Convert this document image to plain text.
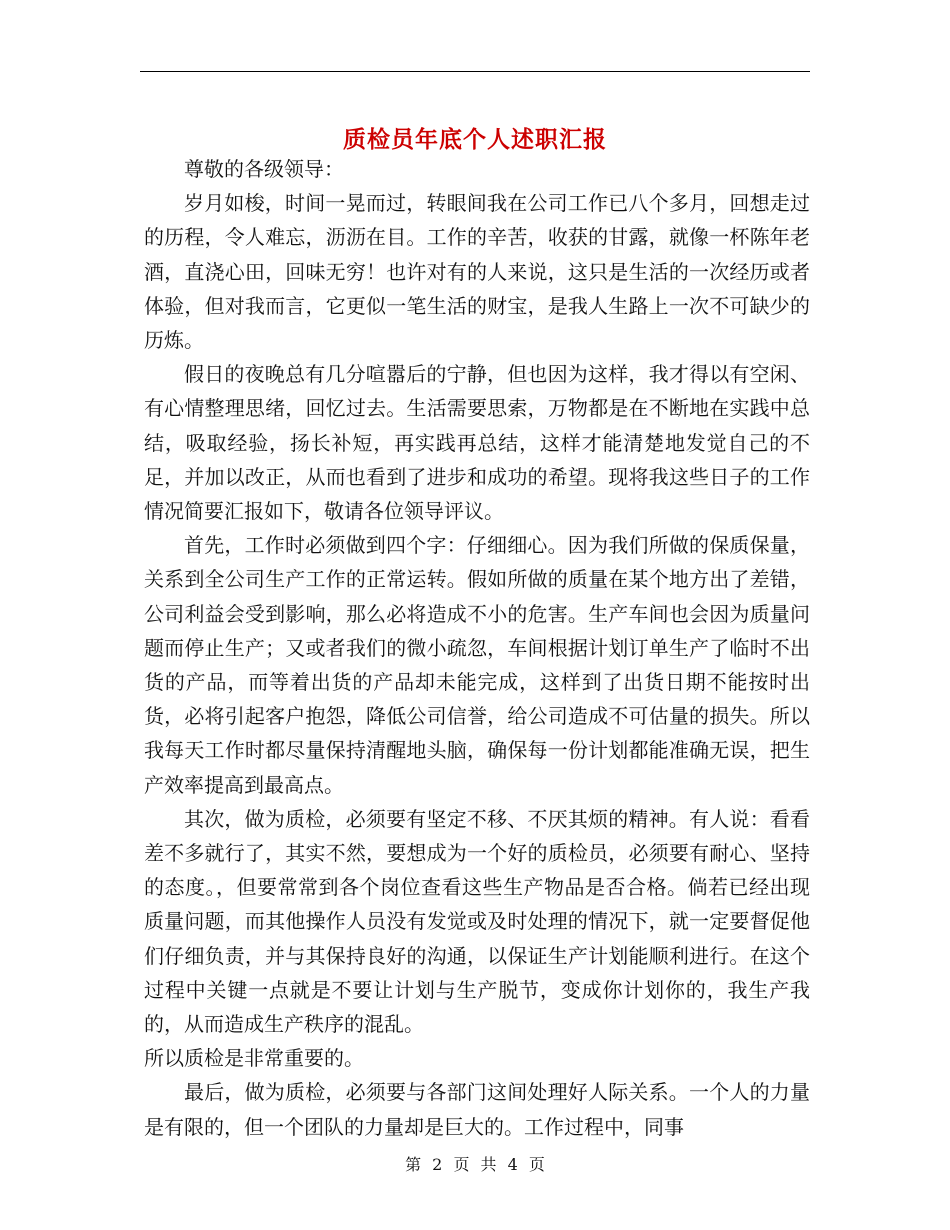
质检员年底个人述职汇报

尊敬的各级领导：

岁月如梭，时间一晃而过，转眼间我在公司工作已八个多月，回想走过的历程，令人难忘，沥沥在目。工作的辛苦，收获的甘露，就像一杯陈年老酒，直浇心田，回味无穷！也许对有的人来说，这只是生活的一次经历或者体验，但对我而言，它更似一笔生活的财宝，是我人生路上一次不可缺少的历炼。

假日的夜晚总有几分喧嚣后的宁静，但也因为这样，我才得以有空闲、有心情整理思绪，回忆过去。生活需要思索，万物都是在不断地在实践中总结，吸取经验，扬长补短，再实践再总结，这样才能清楚地发觉自己的不足，并加以改正，从而也看到了进步和成功的希望。现将我这些日子的工作情况简要汇报如下，敬请各位领导评议。

首先，工作时必须做到四个字：仔细细心。因为我们所做的保质保量，关系到全公司生产工作的正常运转。假如所做的质量在某个地方出了差错，公司利益会受到影响，那么必将造成不小的危害。生产车间也会因为质量问题而停止生产；又或者我们的微小疏忽，车间根据计划订单生产了临时不出货的产品，而等着出货的产品却未能完成，这样到了出货日期不能按时出货，必将引起客户抱怨，降低公司信誉，给公司造成不可估量的损失。所以我每天工作时都尽量保持清醒地头脑，确保每一份计划都能准确无误，把生产效率提高到最高点。

其次，做为质检，必须要有坚定不移、不厌其烦的精神。有人说：看看差不多就行了，其实不然，要想成为一个好的质检员，必须要有耐心、坚持的态度。，但要常常到各个岗位查看这些生产物品是否合格。倘若已经出现质量问题，而其他操作人员没有发觉或及时处理的情况下，就一定要督促他们仔细负责，并与其保持良好的沟通，以保证生产计划能顺利进行。在这个过程中关键一点就是不要让计划与生产脱节，变成你计划你的，我生产我的，从而造成生产秩序的混乱。

所以质检是非常重要的。

最后，做为质检，必须要与各部门这间处理好人际关系。一个人的力量是有限的，但一个团队的力量却是巨大的。工作过程中，同事

第 2 页 共 4 页
